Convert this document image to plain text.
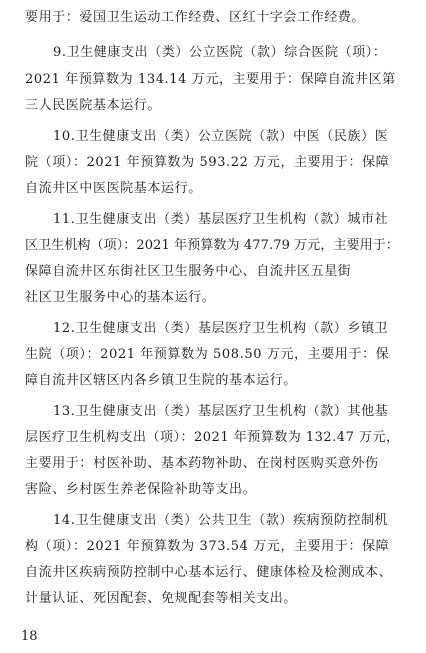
要用于：爱国卫生运动工作经费、区红十字会工作经费。
9.卫生健康支出（类）公立医院（款）综合医院（项）：
2021 年预算数为 134.14 万元，主要用于：保障自流井区第
三人民医院基本运行。
10.卫生健康支出（类）公立医院（款）中医（民族）医
院（项）：2021 年预算数为 593.22 万元，主要用于：保障
自流井区中医医院基本运行。
11.卫生健康支出（类）基层医疗卫生机构（款）城市社
区卫生机构（项）：2021 年预算数为 477.79 万元，主要用于：
保障自流井区东街社区卫生服务中心、自流井区五星街
社区卫生服务中心的基本运行。
12.卫生健康支出（类）基层医疗卫生机构（款）乡镇卫
生院（项）：2021 年预算数为 508.50 万元，主要用于：保
障自流井区辖区内各乡镇卫生院的基本运行。
13.卫生健康支出（类）基层医疗卫生机构（款）其他基
层医疗卫生机构支出（项）：2021 年预算数为 132.47 万元，
主要用于：村医补助、基本药物补助、在岗村医购买意外伤
害险、乡村医生养老保险补助等支出。
14.卫生健康支出（类）公共卫生（款）疾病预防控制机
构（项）：2021 年预算数为 373.54 万元，主要用于：保障
自流井区疾病预防控制中心基本运行、健康体检及检测成本、
计量认证、死因配套、免规配套等相关支出。
18
